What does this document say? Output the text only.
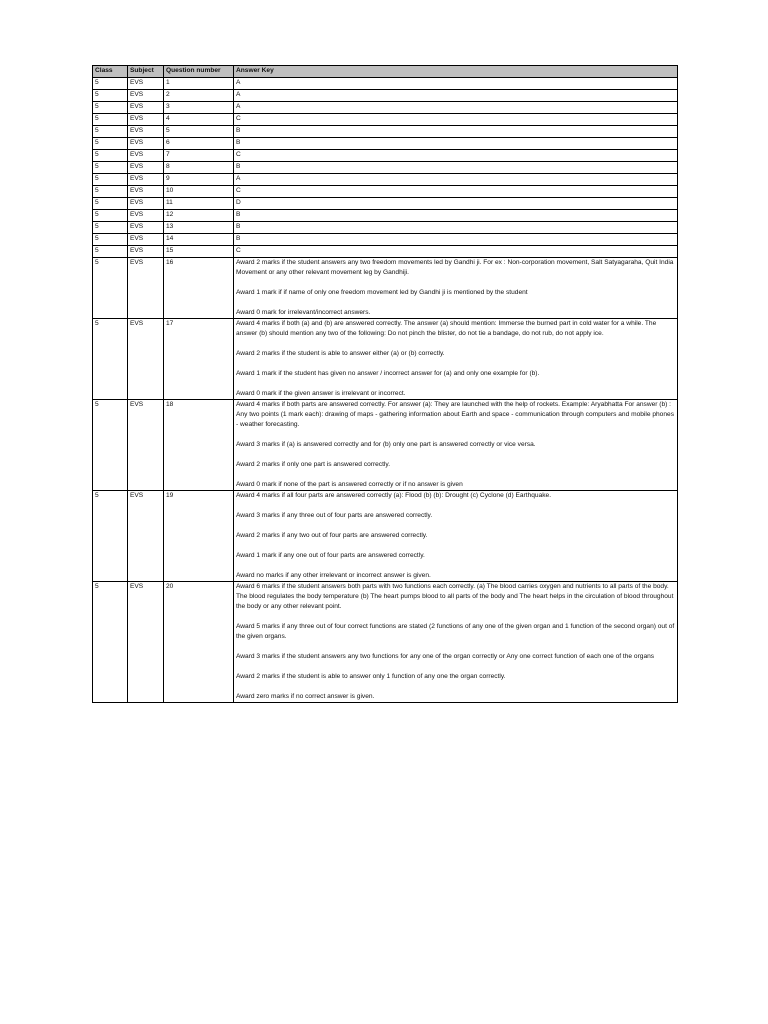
Class	Subject	Question number	Answer Key
5	EVS	1	A
5	EVS	2	A
5	EVS	3	A
5	EVS	4	C
5	EVS	5	B
5	EVS	6	B
5	EVS	7	C
5	EVS	8	B
5	EVS	9	A
5	EVS	10	C
5	EVS	11	D
5	EVS	12	B
5	EVS	13	B
5	EVS	14	B
5	EVS	15	C
5	EVS	16	Award 2 marks if the student answers any two freedom movements led by Gandhi ji. For ex : Non-corporation movement, Salt Satyagaraha, Quit India Movement or any other relevant movement leg by Gandhiji.

Award 1 mark if if name of only one freedom movement led by Gandhi ji is mentioned by the student

Award 0 mark for irrelevant/incorrect answers.

5	EVS	17	Award 4 marks if both (a) and (b) are answered correctly. The answer (a) should mention: Immerse the burned part in cold water for a while. The answer (b) should mention any two of the following: Do not pinch the blister, do not tie a bandage, do not rub, do not apply ice.

Award 2 marks if the student is able to answer either (a) or (b) correctly.

Award 1 mark if the student has given no answer / incorrect answer for (a) and only one example for (b).

Award 0 mark if the given answer is irrelevant or incorrect.

5	EVS	18	Award 4 marks if both parts are answered correctly. For answer (a): They are launched with the help of rockets. Example: Aryabhatta For answer (b) : Any two points (1 mark each): drawing of maps - gathering information about Earth and space - communication through computers and mobile phones - weather forecasting.

Award 3 marks if (a) is answered correctly and for (b) only one part is answered correctly or vice versa.

Award 2 marks if only one part is answered correctly.

Award 0 mark if none of the part is answered correctly or if no answer is given

5	EVS	19	Award 4 marks if all four parts are answered correctly (a): Flood (b) (b): Drought (c) Cyclone (d) Earthquake.

Award 3 marks if any three out of four parts are answered correctly.

Award 2 marks if any two out of four parts are answered correctly.

Award 1 mark if any one out of four parts are answered correctly.

Award no marks if any other irrelevant or incorrect answer is given.

5	EVS	20	Award 6 marks if the student answers both parts with two functions each correctly. (a) The blood carries oxygen and nutrients to all parts of the body. The blood regulates the body temperature (b) The heart pumps blood to all parts of the body and The heart helps in the circulation of blood throughout the body or any other relevant point.

Award 5 marks if any three out of four correct functions are stated (2 functions of any one of the given organ and 1 function of the second organ) out of the given organs.

Award 3 marks if the student answers any two functions for any one of the organ correctly or Any one correct function of each one of the organs

Award 2 marks if the student is able to answer only 1 function of any one the organ correctly.

Award zero marks if no correct answer is given.
